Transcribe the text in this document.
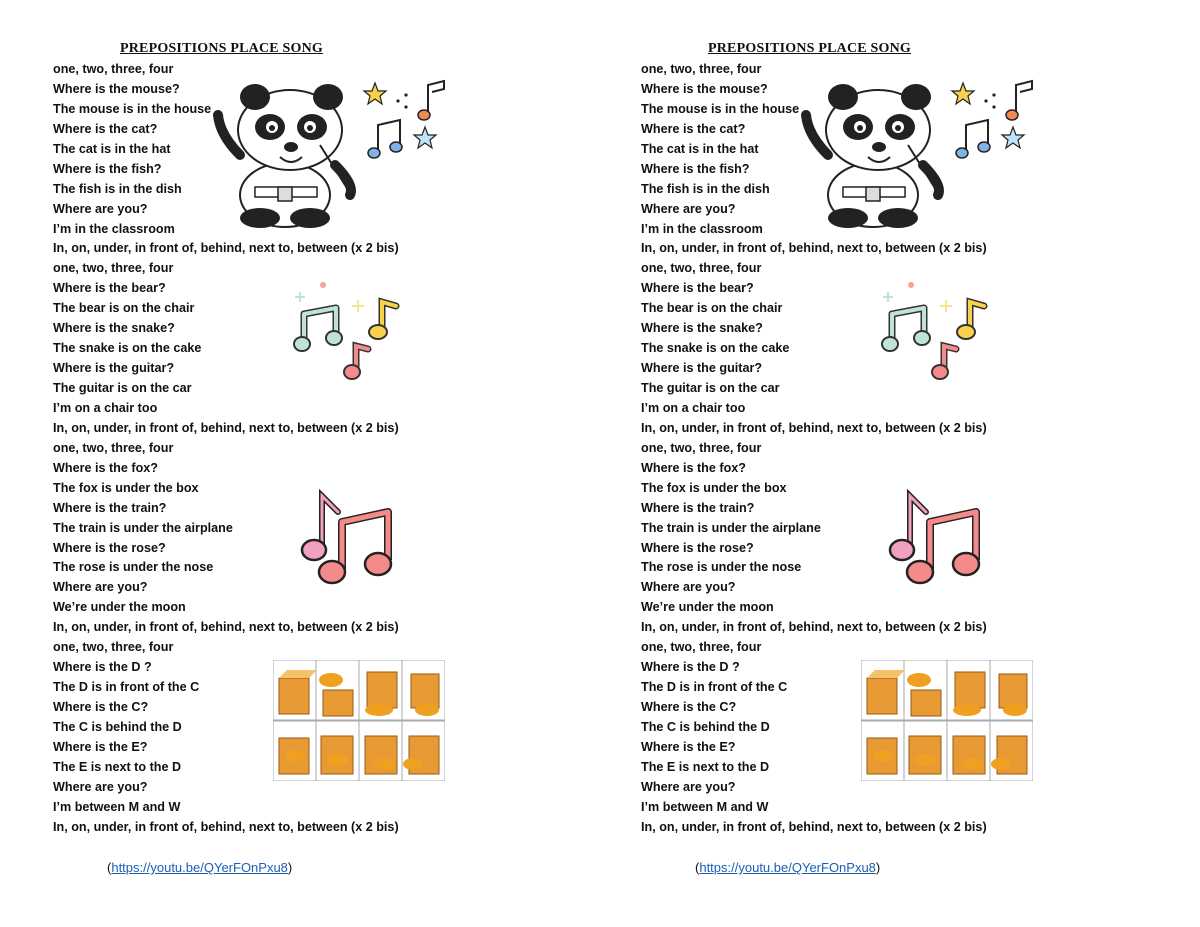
PREPOSITIONS PLACE SONG
one, two, three, four
Where is the mouse?
The mouse is in the house
Where is the cat?
The cat is in the hat
Where is the fish?
The fish is in the dish
Where are you?
I’m in the classroom
In, on, under, in front of, behind, next to, between (x 2 bis)
one, two, three, four
Where is the bear?
The bear is on the chair
Where is the snake?
The snake is on the cake
Where is the guitar?
The guitar is on the car
I’m on a chair too
In, on, under, in front of, behind, next to, between (x 2 bis)
one, two, three, four
Where is the fox?
The fox is under the box
Where is the train?
The train is under the airplane
Where is the rose?
The rose is under the nose
Where are you?
We’re under the moon
In, on, under, in front of, behind, next to, between (x 2 bis)
one, two, three, four
Where is the D ?
The D is in front of the C
Where is the C?
The C is behind the D
Where is the E?
The E is next to the D
Where are you?
I’m between M and W
In, on, under, in front of, behind, next to, between (x 2 bis)
(https://youtu.be/QYerFOnPxu8)
PREPOSITIONS PLACE SONG
one, two, three, four
Where is the mouse?
The mouse is in the house
Where is the cat?
The cat is in the hat
Where is the fish?
The fish is in the dish
Where are you?
I’m in the classroom
In, on, under, in front of, behind, next to, between (x 2 bis)
one, two, three, four
Where is the bear?
The bear is on the chair
Where is the snake?
The snake is on the cake
Where is the guitar?
The guitar is on the car
I’m on a chair too
In, on, under, in front of, behind, next to, between (x 2 bis)
one, two, three, four
Where is the fox?
The fox is under the box
Where is the train?
The train is under the airplane
Where is the rose?
The rose is under the nose
Where are you?
We’re under the moon
In, on, under, in front of, behind, next to, between (x 2 bis)
one, two, three, four
Where is the D ?
The D is in front of the C
Where is the C?
The C is behind the D
Where is the E?
The E is next to the D
Where are you?
I’m between M and W
In, on, under, in front of, behind, next to, between (x 2 bis)
(https://youtu.be/QYerFOnPxu8)
